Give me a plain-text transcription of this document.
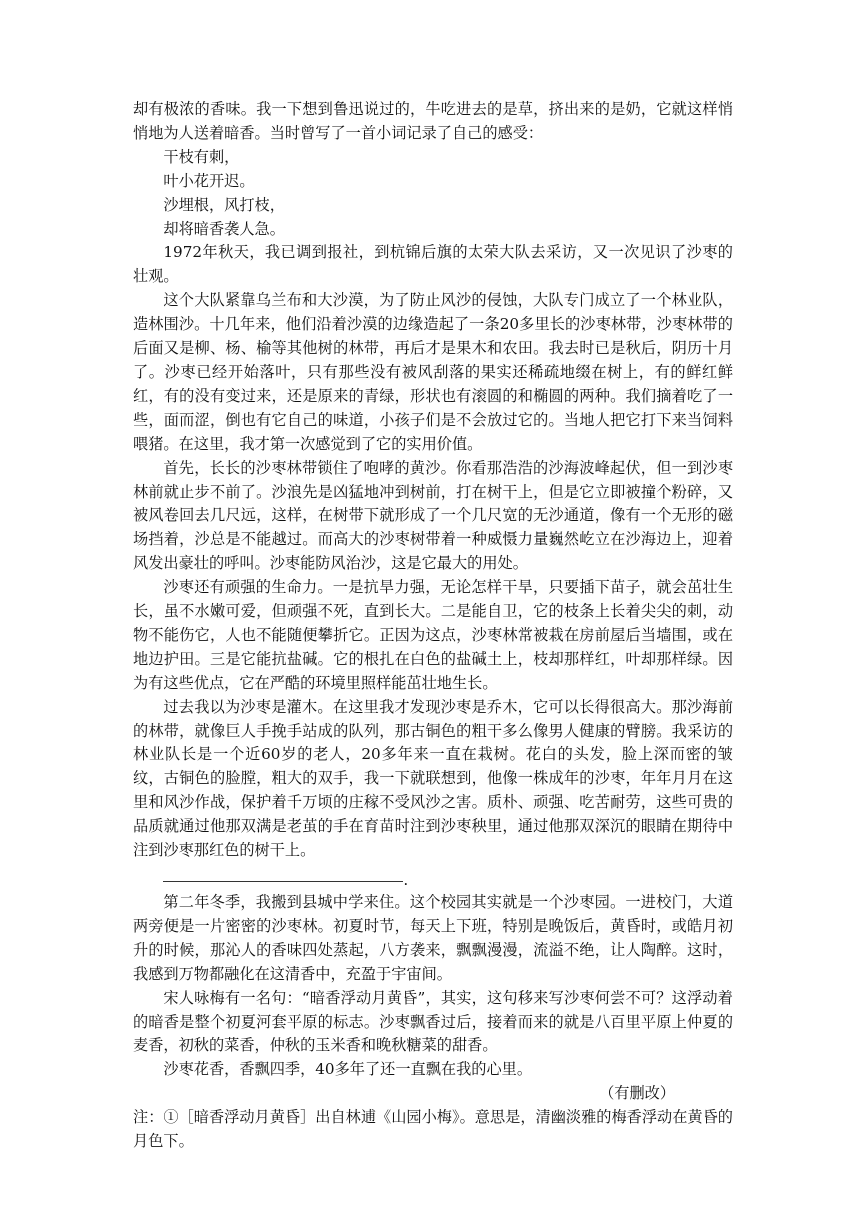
却有极浓的香味。我一下想到鲁迅说过的，牛吃进去的是草，挤出来的是奶，它就这样悄悄地为人送着暗香。当时曾写了一首小词记录了自己的感受：

干枝有刺，

叶小花开迟。

沙埋根，风打枝，

却将暗香袭人急。

1972年秋天，我已调到报社，到杭锦后旗的太荣大队去采访，又一次见识了沙枣的壮观。

这个大队紧靠乌兰布和大沙漠，为了防止风沙的侵蚀，大队专门成立了一个林业队，造林围沙。十几年来，他们沿着沙漠的边缘造起了一条20多里长的沙枣林带，沙枣林带的后面又是柳、杨、榆等其他树的林带，再后才是果木和农田。我去时已是秋后，阴历十月了。沙枣已经开始落叶，只有那些没有被风刮落的果实还稀疏地缀在树上，有的鲜红鲜红，有的没有变过来，还是原来的青绿，形状也有滚圆的和椭圆的两种。我们摘着吃了一些，面而涩，倒也有它自己的味道，小孩子们是不会放过它的。当地人把它打下来当饲料喂猪。在这里，我才第一次感觉到了它的实用价值。

首先，长长的沙枣林带锁住了咆哮的黄沙。你看那浩浩的沙海波峰起伏，但一到沙枣林前就止步不前了。沙浪先是凶猛地冲到树前，打在树干上，但是它立即被撞个粉碎，又被风卷回去几尺远，这样，在树带下就形成了一个几尺宽的无沙通道，像有一个无形的磁场挡着，沙总是不能越过。而高大的沙枣树带着一种威慑力量巍然屹立在沙海边上，迎着风发出豪壮的呼叫。沙枣能防风治沙，这是它最大的用处。

沙枣还有顽强的生命力。一是抗旱力强，无论怎样干旱，只要插下苗子，就会茁壮生长，虽不水嫩可爱，但顽强不死，直到长大。二是能自卫，它的枝条上长着尖尖的刺，动物不能伤它，人也不能随便攀折它。正因为这点，沙枣林常被栽在房前屋后当墙围，或在地边护田。三是它能抗盐碱。它的根扎在白色的盐碱土上，枝却那样红，叶却那样绿。因为有这些优点，它在严酷的环境里照样能茁壮地生长。

过去我以为沙枣是灌木。在这里我才发现沙枣是乔木，它可以长得很高大。那沙海前的林带，就像巨人手挽手站成的队列，那古铜色的粗干多么像男人健康的臂膀。我采访的林业队长是一个近60岁的老人，20多年来一直在栽树。花白的头发，脸上深而密的皱纹，古铜色的脸膛，粗大的双手，我一下就联想到，他像一株成年的沙枣，年年月月在这里和风沙作战，保护着千万顷的庄稼不受风沙之害。质朴、顽强、吃苦耐劳，这些可贵的品质就通过他那双满是老茧的手在育苗时注到沙枣秧里，通过他那双深沉的眼睛在期待中注到沙枣那红色的树干上。

.

第二年冬季，我搬到县城中学来住。这个校园其实就是一个沙枣园。一进校门，大道两旁便是一片密密的沙枣林。初夏时节，每天上下班，特别是晚饭后，黄昏时，或皓月初升的时候，那沁人的香味四处蒸起，八方袭来，飘飘漫漫，流溢不绝，让人陶醉。这时，我感到万物都融化在这清香中，充盈于宇宙间。

宋人咏梅有一名句：“暗香浮动月黄昏”，其实，这句移来写沙枣何尝不可？这浮动着的暗香是整个初夏河套平原的标志。沙枣飘香过后，接着而来的就是八百里平原上仲夏的麦香，初秋的菜香，仲秋的玉米香和晚秋糖菜的甜香。

沙枣花香，香飘四季，40多年了还一直飘在我的心里。

（有删改）

注：①［暗香浮动月黄昏］出自林逋《山园小梅》。意思是，清幽淡雅的梅香浮动在黄昏的月色下。
